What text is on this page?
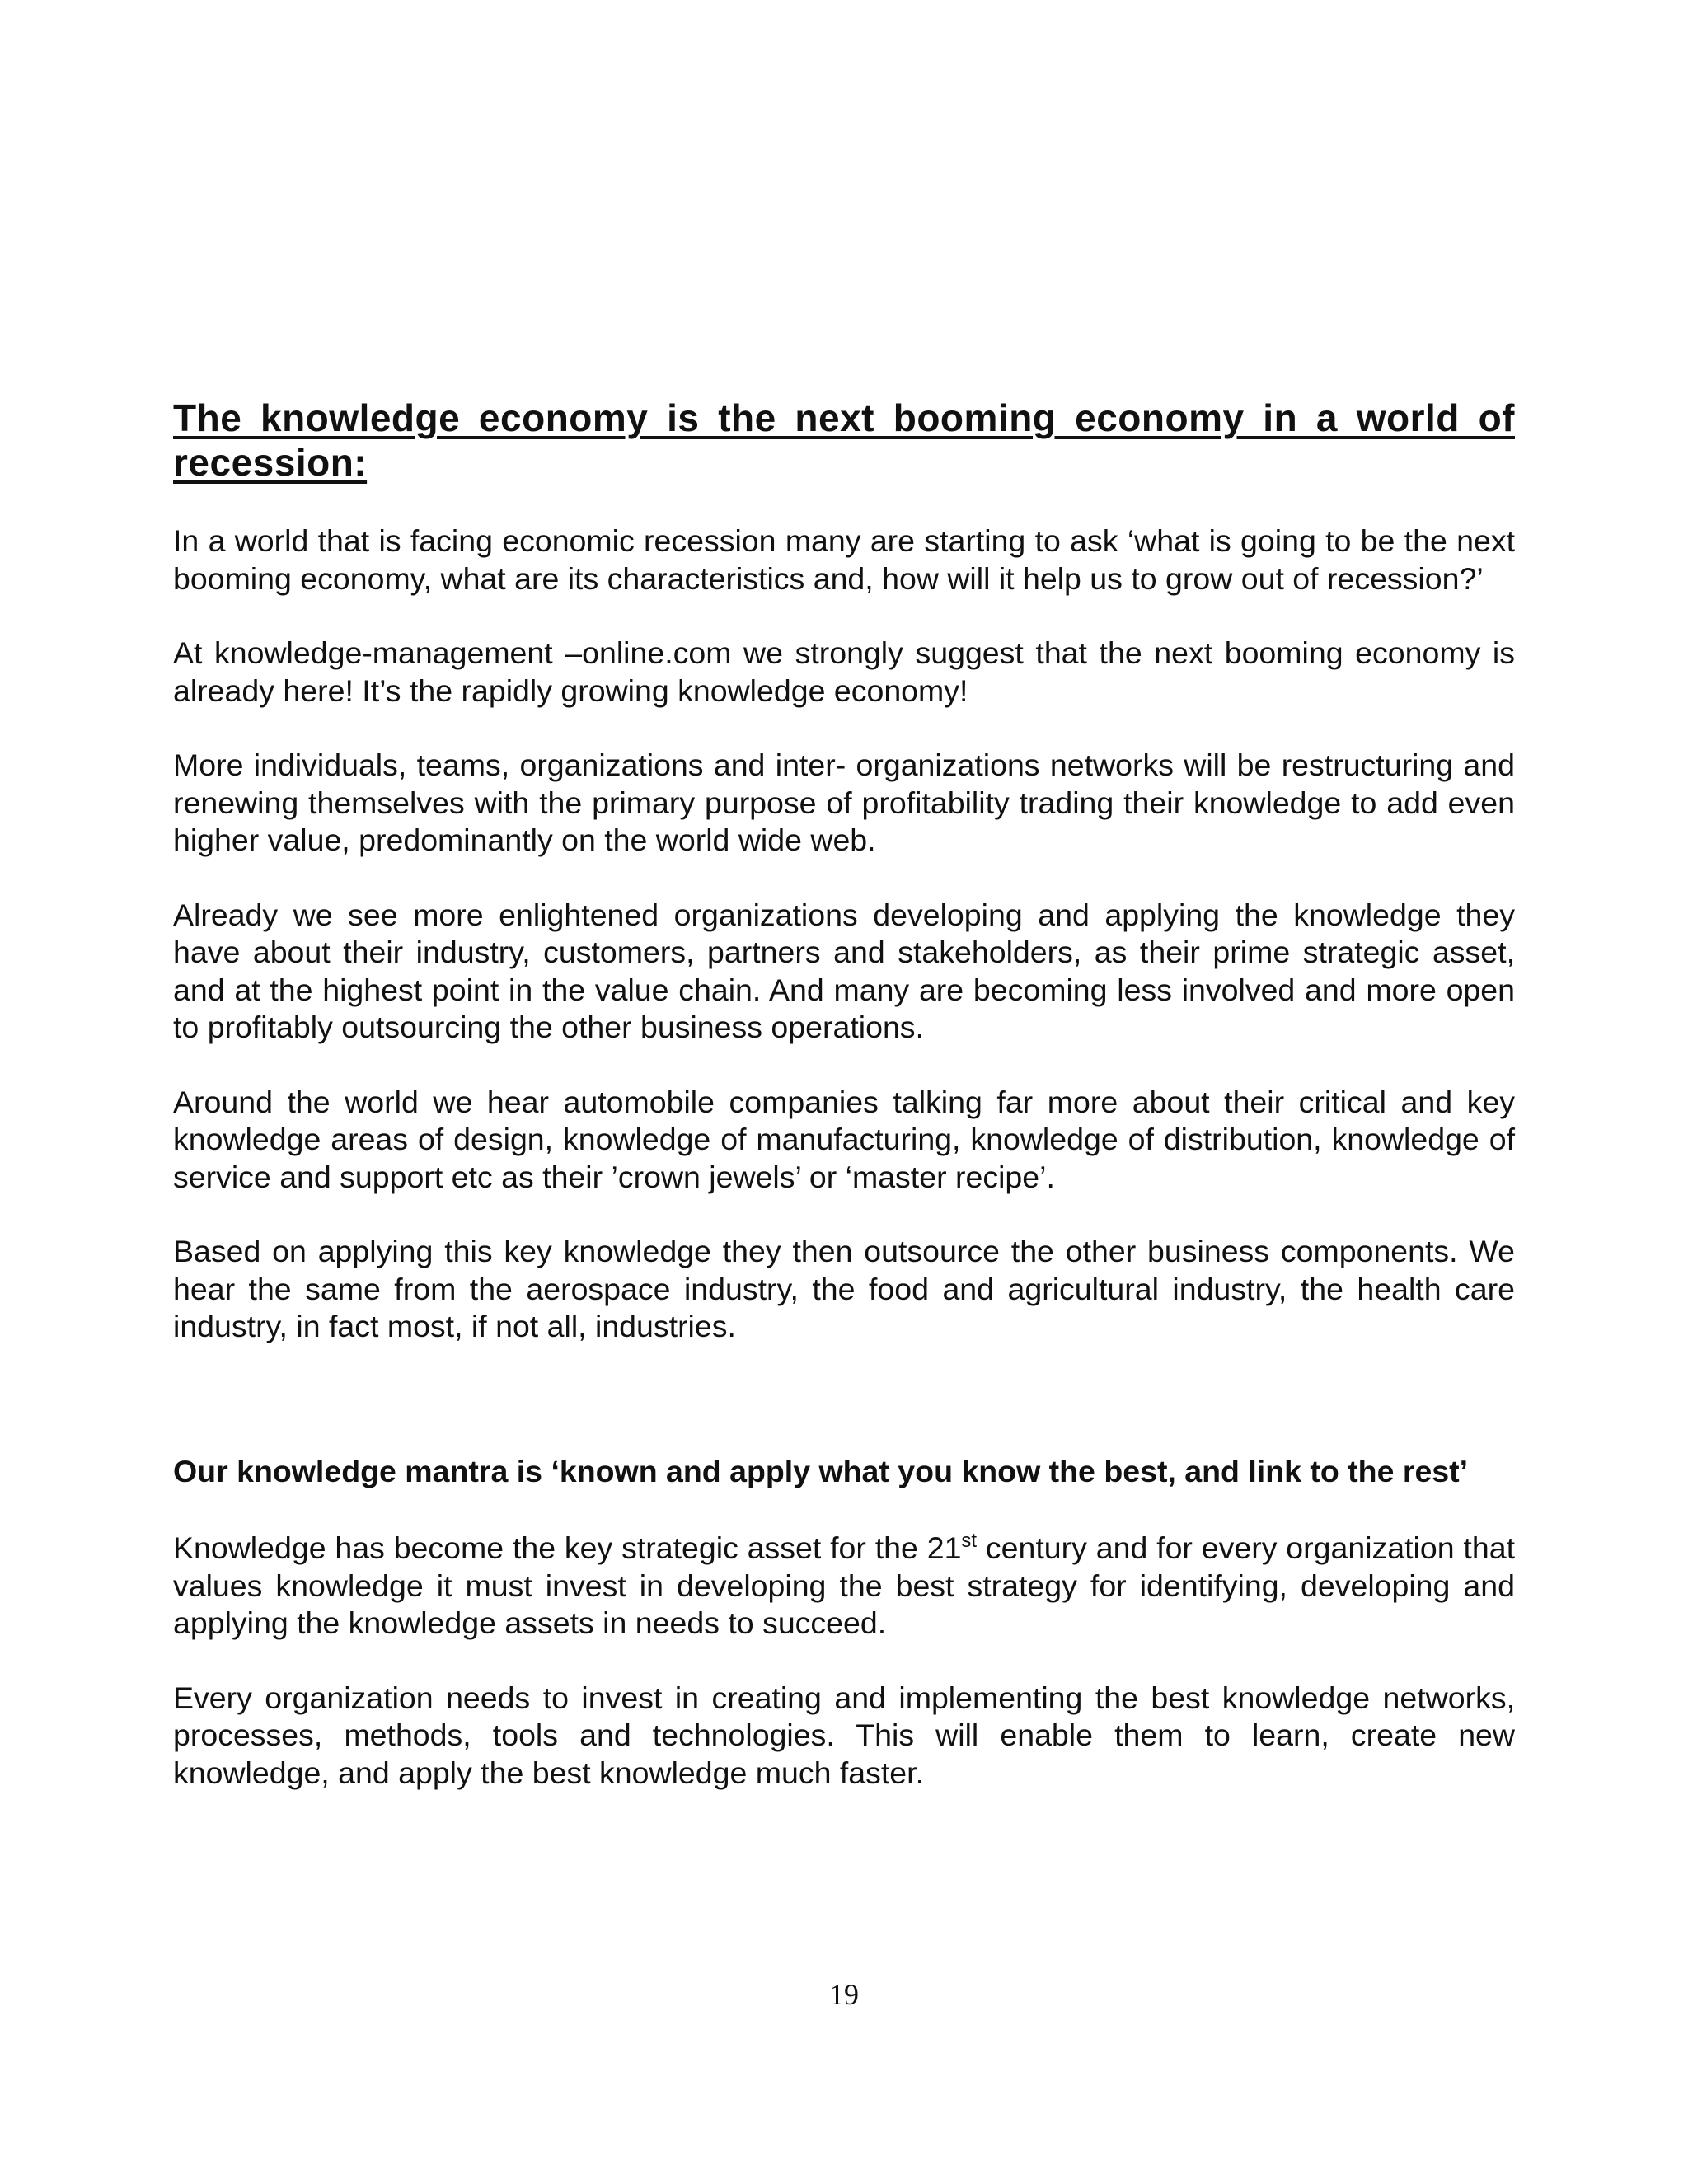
The knowledge economy is the next booming economy in a world of recession:

In a world that is facing economic recession many are starting to ask ‘what is going to be the next booming economy, what are its characteristics and, how will it help us to grow out of recession?’

At knowledge-management –online.com we strongly suggest that the next booming economy is already here! It’s the rapidly growing knowledge economy!

More individuals, teams, organizations and inter- organizations networks will be restructuring and renewing themselves with the primary purpose of profitability trading their knowledge to add even higher value, predominantly on the world wide web.

Already we see more enlightened organizations developing and applying the knowledge they have about their industry, customers, partners and stakeholders, as their prime strategic asset, and at the highest point in the value chain. And many are becoming less involved and more open to profitably outsourcing the other business operations.

Around the world we hear automobile companies talking far more about their critical and key knowledge areas of design, knowledge of manufacturing, knowledge of distribution, knowledge of service and support etc as their ’crown jewels’ or ‘master recipe’.

Based on applying this key knowledge they then outsource the other business components. We hear the same from the aerospace industry, the food and agricultural industry, the health care industry, in fact most, if not all, industries.

Our knowledge mantra is ‘known and apply what you know the best, and link to the rest’

Knowledge has become the key strategic asset for the 21st century and for every organization that values knowledge it must invest in developing the best strategy for identifying, developing and applying the knowledge assets in needs to succeed.

Every organization needs to invest in creating and implementing the best knowledge networks, processes, methods, tools and technologies. This will enable them to learn, create new knowledge, and apply the best knowledge much faster.

19
